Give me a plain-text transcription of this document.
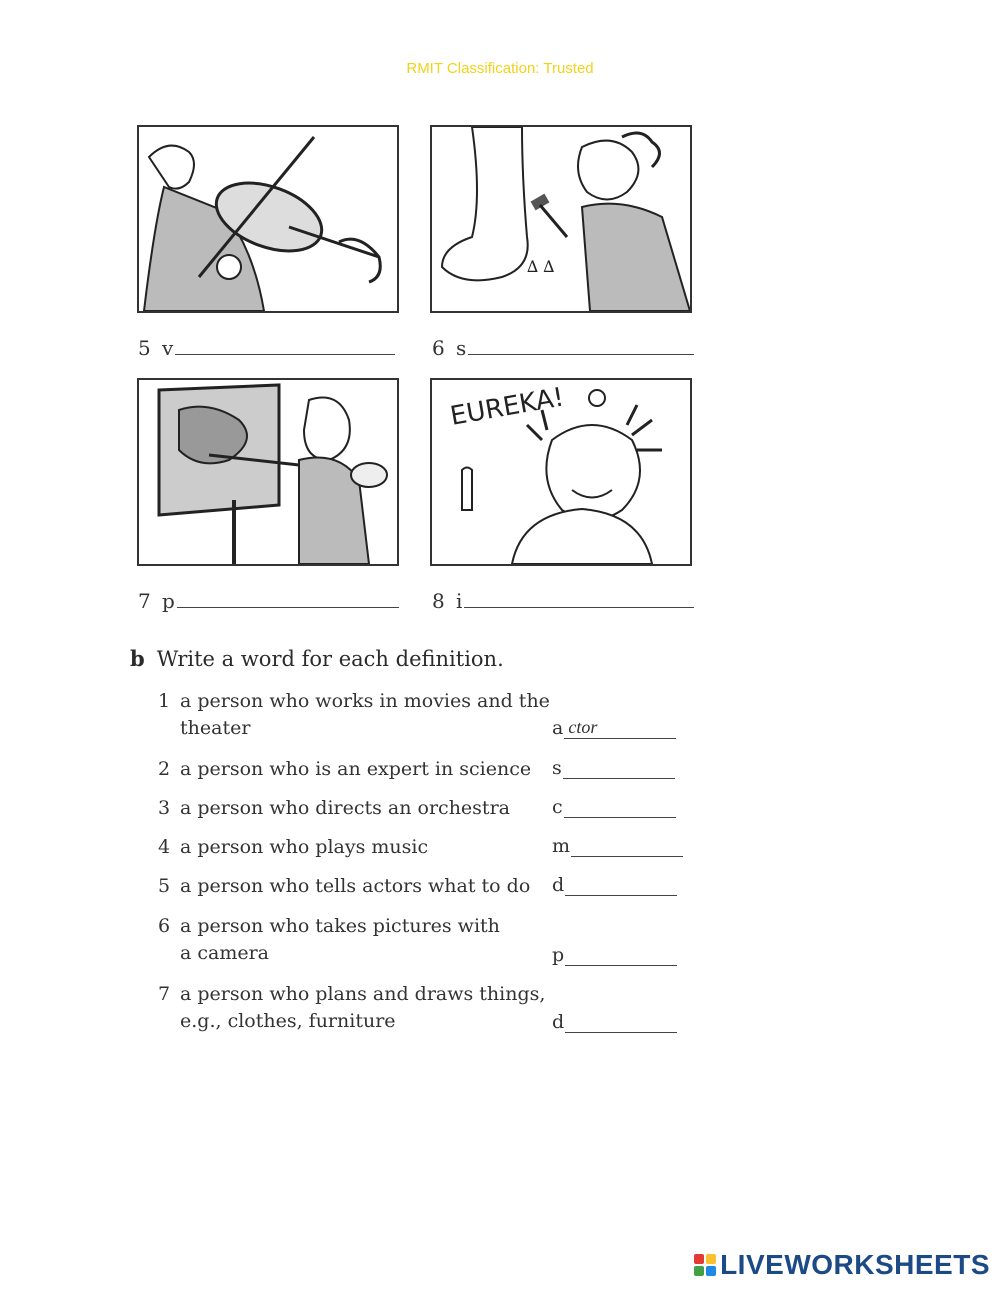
RMIT Classification: Trusted
∆ ∆
5 v	6 s
EUREKA!
7 p	8 i
b Write a word for each definition.
1 a person who works in movies and the
theater	a ctor
2 a person who is an expert in science s
3 a person who directs an orchestra c
4 a person who plays music	m
5 a person who tells actors what to do d
6 a person who takes pictures with
a camera	p
7 a person who plans and draws things,
e.g., clothes, furniture	d
LIVEWORKSHEETS
